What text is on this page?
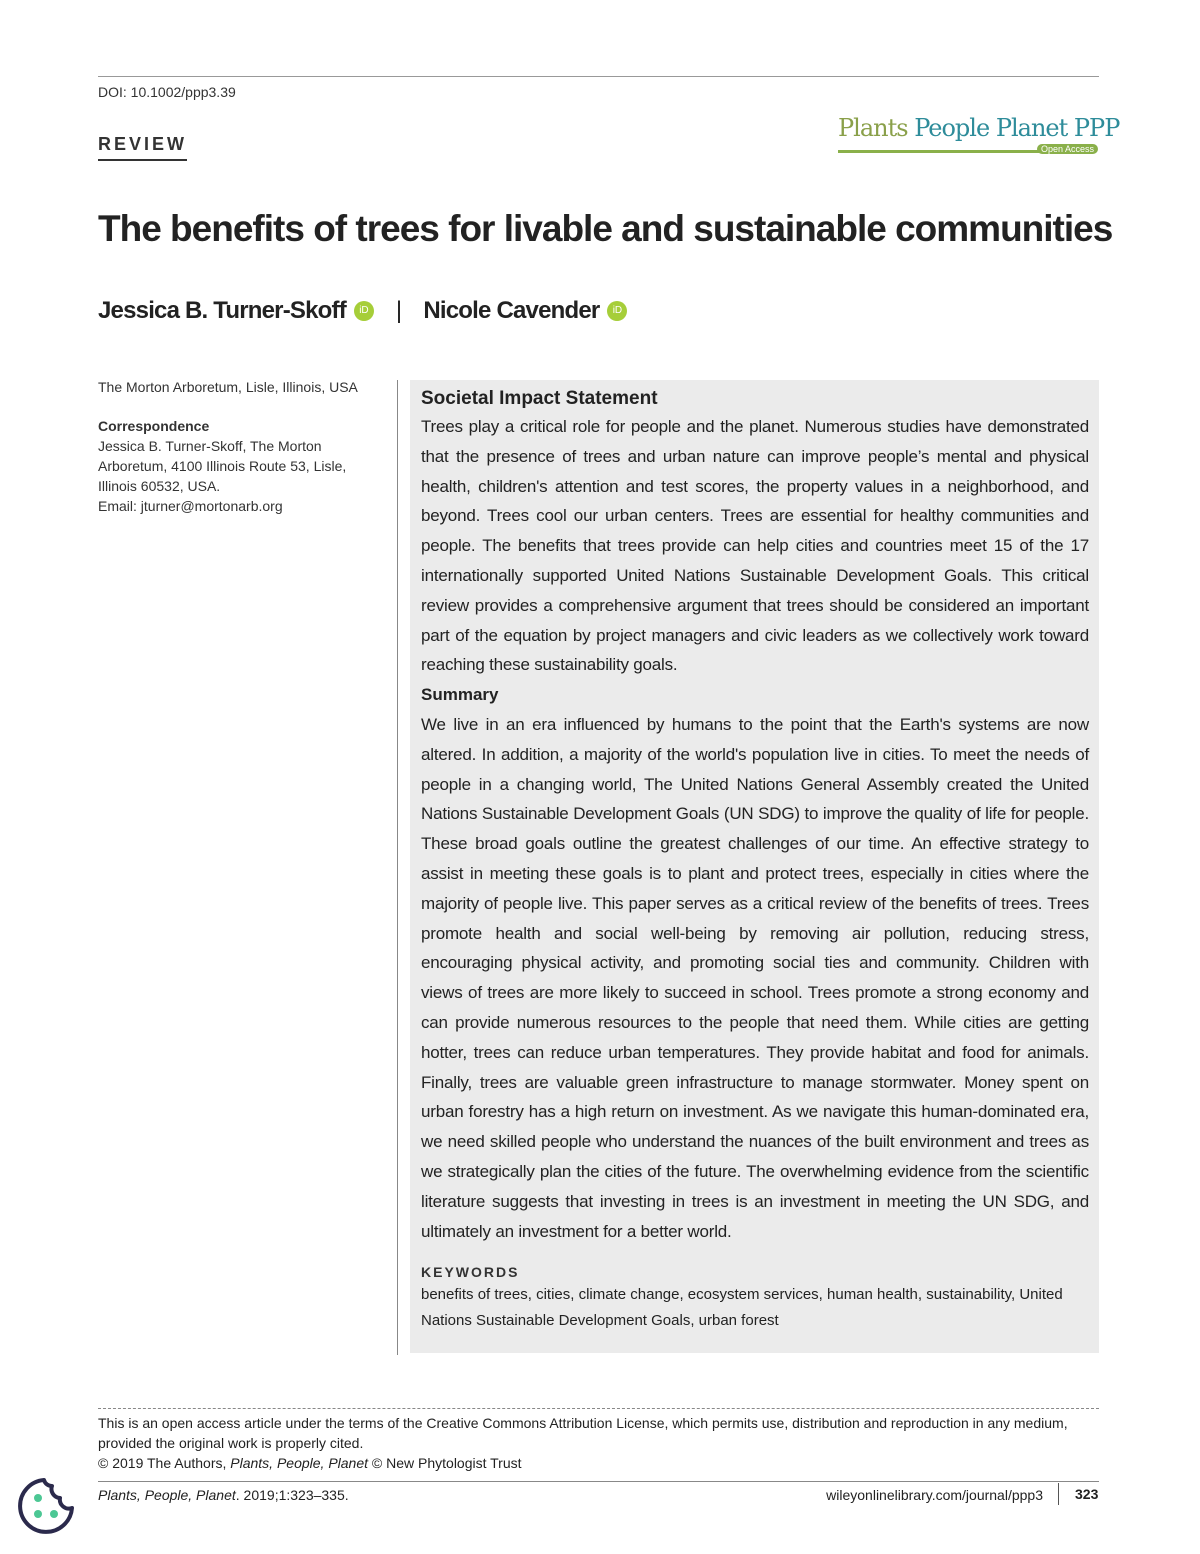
DOI: 10.1002/ppp3.39
REVIEW
Plants People Planet PPP
Open Access
The benefits of trees for livable and sustainable communities
Jessica B. Turner-Skoff	iD | Nicole Cavender	iD
The Morton Arboretum, Lisle, Illinois, USA
Correspondence
Jessica B. Turner-Skoff, The Morton Arboretum, 4100 Illinois Route 53, Lisle, Illinois 60532, USA.
Email: jturner@mortonarb.org
Societal Impact Statement

Trees play a critical role for people and the planet. Numerous studies have demonstrated that the presence of trees and urban nature can improve people’s mental and physical health, children's attention and test scores, the property values in a neighborhood, and beyond. Trees cool our urban centers. Trees are essential for healthy communities and people. The benefits that trees provide can help cities and countries meet 15 of the 17 internationally supported United Nations Sustainable Development Goals. This critical review provides a comprehensive argument that trees should be considered an important part of the equation by project managers and civic leaders as we collectively work toward reaching these sustainability goals.

Summary

We live in an era influenced by humans to the point that the Earth's systems are now altered. In addition, a majority of the world's population live in cities. To meet the needs of people in a changing world, The United Nations General Assembly created the United Nations Sustainable Development Goals (UN SDG) to improve the quality of life for people. These broad goals outline the greatest challenges of our time. An effective strategy to assist in meeting these goals is to plant and protect trees, especially in cities where the majority of people live. This paper serves as a critical review of the benefits of trees. Trees promote health and social well-being by removing air pollution, reducing stress, encouraging physical activity, and promoting social ties and community. Children with views of trees are more likely to succeed in school. Trees promote a strong economy and can provide numerous resources to the people that need them. While cities are getting hotter, trees can reduce urban temperatures. They provide habitat and food for animals. Finally, trees are valuable green infrastructure to manage stormwater. Money spent on urban forestry has a high return on investment. As we navigate this human-dominated era, we need skilled people who understand the nuances of the built environment and trees as we strategically plan the cities of the future. The overwhelming evidence from the scientific literature suggests that investing in trees is an investment in meeting the UN SDG, and ultimately an investment for a better world.

KEYWORDS
benefits of trees, cities, climate change, ecosystem services, human health, sustainability, United Nations Sustainable Development Goals, urban forest
This is an open access article under the terms of the Creative Commons Attribution License, which permits use, distribution and reproduction in any medium, provided the original work is properly cited.
© 2019 The Authors, Plants, People, Planet © New Phytologist Trust
Plants, People, Planet. 2019;1:323–335.	wileyonlinelibrary.com/journal/ppp3	323
